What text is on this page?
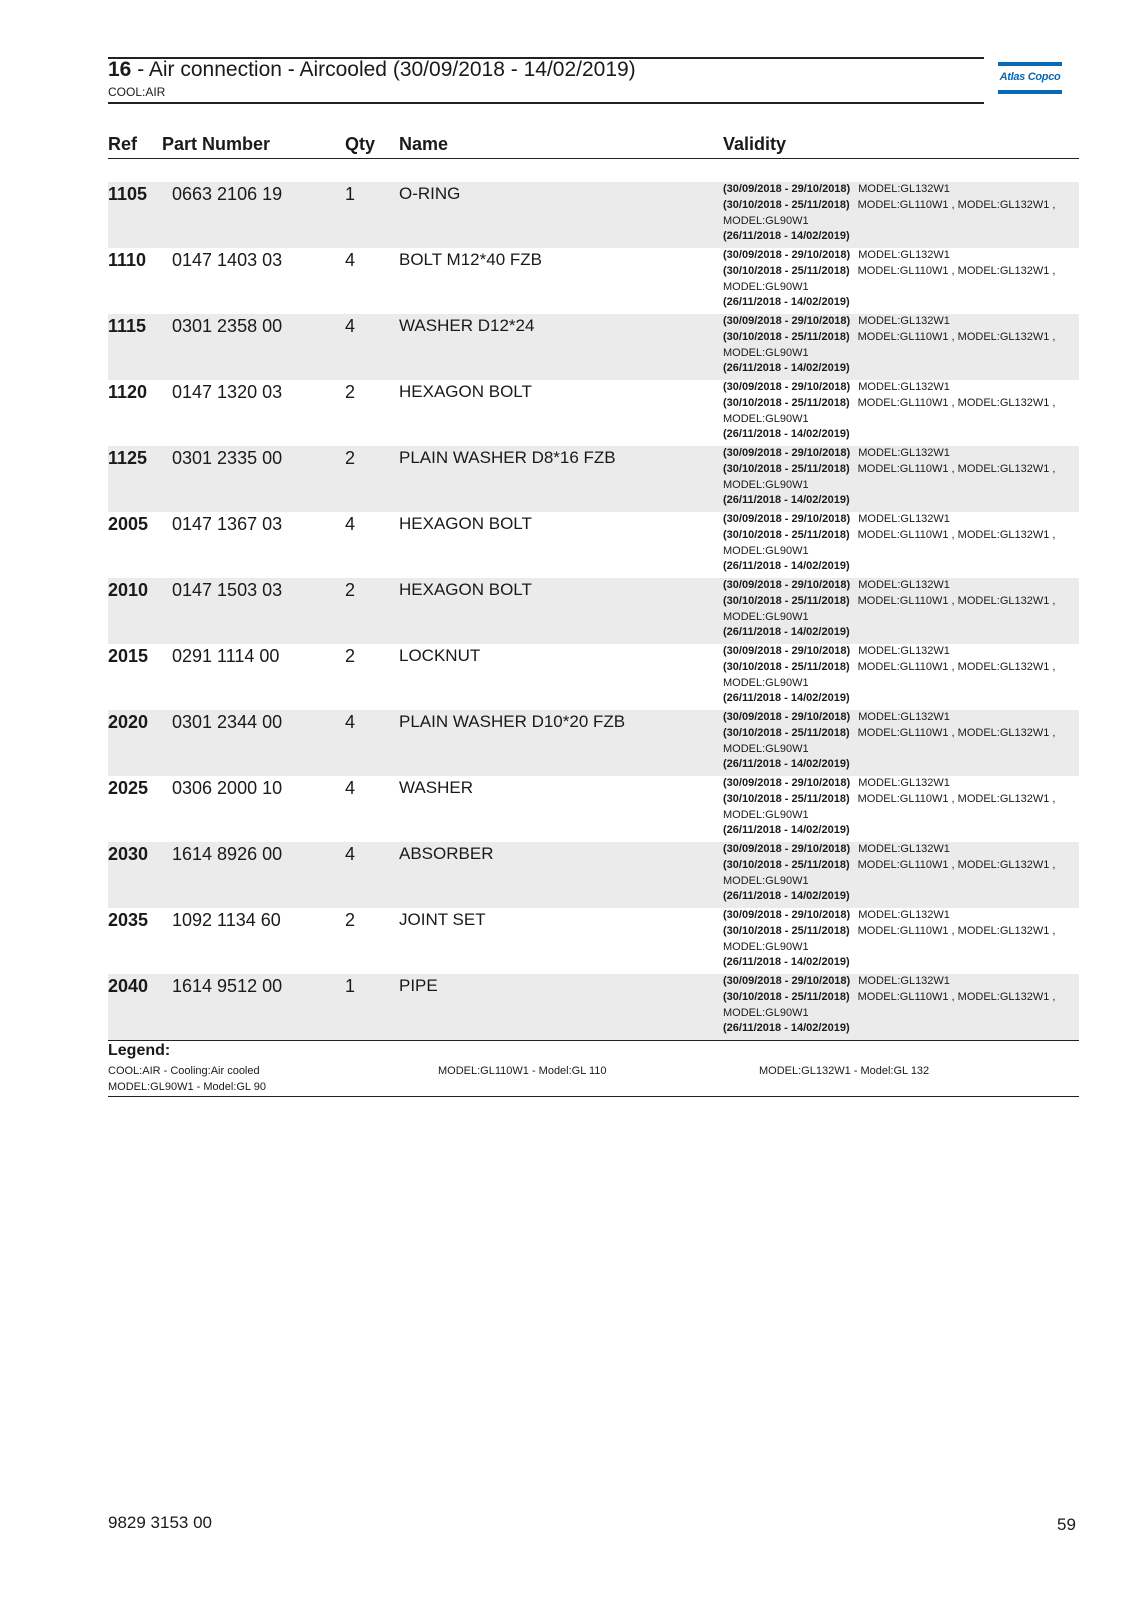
16 - Air connection - Aircooled (30/09/2018 - 14/02/2019)
COOL:AIR
Atlas Copco
Ref Part Number	Qty Name	Validity
1105 0663 2106 19	1	O-RING	(30/09/2018 - 29/10/2018) MODEL:GL132W1
(30/10/2018 - 25/11/2018) MODEL:GL110W1 , MODEL:GL132W1 ,
MODEL:GL90W1
(26/11/2018 - 14/02/2019)
1110 0147 1403 03	4	BOLT M12*40 FZB	(30/09/2018 - 29/10/2018) MODEL:GL132W1
(30/10/2018 - 25/11/2018) MODEL:GL110W1 , MODEL:GL132W1 ,
MODEL:GL90W1
(26/11/2018 - 14/02/2019)
1115 0301 2358 00	4	WASHER D12*24	(30/09/2018 - 29/10/2018) MODEL:GL132W1
(30/10/2018 - 25/11/2018) MODEL:GL110W1 , MODEL:GL132W1 ,
MODEL:GL90W1
(26/11/2018 - 14/02/2019)
1120 0147 1320 03	2	HEXAGON BOLT	(30/09/2018 - 29/10/2018) MODEL:GL132W1
(30/10/2018 - 25/11/2018) MODEL:GL110W1 , MODEL:GL132W1 ,
MODEL:GL90W1
(26/11/2018 - 14/02/2019)
1125 0301 2335 00	2	PLAIN WASHER D8*16 FZB	(30/09/2018 - 29/10/2018) MODEL:GL132W1
(30/10/2018 - 25/11/2018) MODEL:GL110W1 , MODEL:GL132W1 ,
MODEL:GL90W1
(26/11/2018 - 14/02/2019)
2005 0147 1367 03	4	HEXAGON BOLT	(30/09/2018 - 29/10/2018) MODEL:GL132W1
(30/10/2018 - 25/11/2018) MODEL:GL110W1 , MODEL:GL132W1 ,
MODEL:GL90W1
(26/11/2018 - 14/02/2019)
2010 0147 1503 03	2	HEXAGON BOLT	(30/09/2018 - 29/10/2018) MODEL:GL132W1
(30/10/2018 - 25/11/2018) MODEL:GL110W1 , MODEL:GL132W1 ,
MODEL:GL90W1
(26/11/2018 - 14/02/2019)
2015 0291 1114 00	2	LOCKNUT	(30/09/2018 - 29/10/2018) MODEL:GL132W1
(30/10/2018 - 25/11/2018) MODEL:GL110W1 , MODEL:GL132W1 ,
MODEL:GL90W1
(26/11/2018 - 14/02/2019)
2020 0301 2344 00	4	PLAIN WASHER D10*20 FZB	(30/09/2018 - 29/10/2018) MODEL:GL132W1
(30/10/2018 - 25/11/2018) MODEL:GL110W1 , MODEL:GL132W1 ,
MODEL:GL90W1
(26/11/2018 - 14/02/2019)
2025 0306 2000 10	4	WASHER	(30/09/2018 - 29/10/2018) MODEL:GL132W1
(30/10/2018 - 25/11/2018) MODEL:GL110W1 , MODEL:GL132W1 ,
MODEL:GL90W1
(26/11/2018 - 14/02/2019)
2030 1614 8926 00	4	ABSORBER	(30/09/2018 - 29/10/2018) MODEL:GL132W1
(30/10/2018 - 25/11/2018) MODEL:GL110W1 , MODEL:GL132W1 ,
MODEL:GL90W1
(26/11/2018 - 14/02/2019)
2035 1092 1134 60	2	JOINT SET	(30/09/2018 - 29/10/2018) MODEL:GL132W1
(30/10/2018 - 25/11/2018) MODEL:GL110W1 , MODEL:GL132W1 ,
MODEL:GL90W1
(26/11/2018 - 14/02/2019)
2040 1614 9512 00	1	PIPE	(30/09/2018 - 29/10/2018) MODEL:GL132W1
(30/10/2018 - 25/11/2018) MODEL:GL110W1 , MODEL:GL132W1 ,
MODEL:GL90W1
(26/11/2018 - 14/02/2019)
Legend:
COOL:AIR - Cooling:Air cooled
MODEL:GL90W1 - Model:GL 90
MODEL:GL110W1 - Model:GL 110	MODEL:GL132W1 - Model:GL 132
9829 3153 00	59
